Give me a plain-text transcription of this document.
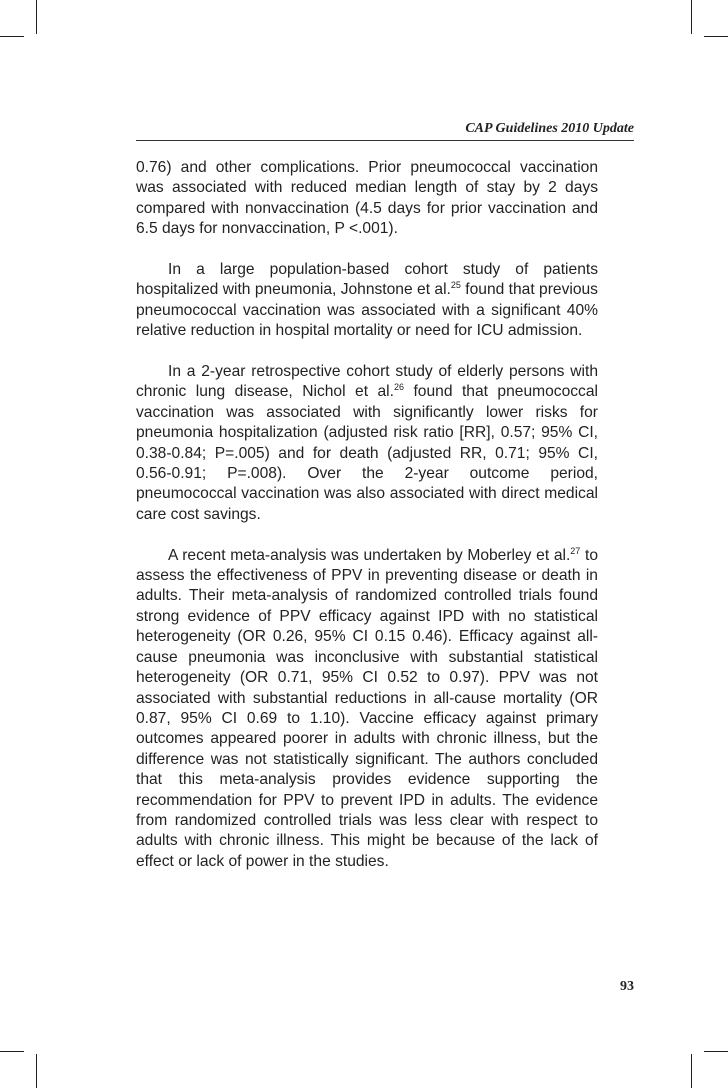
CAP Guidelines 2010 Update

0.76) and other complications. Prior pneumococcal vaccination was associated with reduced median length of stay by 2 days compared with nonvaccination (4.5 days for prior vaccination and 6.5 days for nonvaccination, P <.001).

In a large population-based cohort study of patients hospitalized with pneumonia, Johnstone et al.$^{25}$ found that previous pneumococcal vaccination was associated with a significant 40% relative reduction in hospital mortality or need for ICU admission.

In a 2-year retrospective cohort study of elderly persons with chronic lung disease, Nichol et al.$^{26}$ found that pneumococcal vaccination was associated with significantly lower risks for pneumonia hospitalization (adjusted risk ratio [RR], 0.57; 95% CI, 0.38-0.84; P=.005) and for death (adjusted RR, 0.71; 95% CI, 0.56-0.91; P=.008). Over the 2-year outcome period, pneumococcal vaccination was also associated with direct medical care cost savings.

A recent meta-analysis was undertaken by Moberley et al.$^{27}$ to assess the effectiveness of PPV in preventing disease or death in adults. Their meta-analysis of randomized controlled trials found strong evidence of PPV efficacy against IPD with no statistical heterogeneity (OR 0.26, 95% CI 0.15 0.46). Efficacy against all-cause pneumonia was inconclusive with substantial statistical heterogeneity (OR 0.71, 95% CI 0.52 to 0.97). PPV was not associated with substantial reductions in all-cause mortality (OR 0.87, 95% CI 0.69 to 1.10). Vaccine efficacy against primary outcomes appeared poorer in adults with chronic illness, but the difference was not statistically significant. The authors concluded that this meta-analysis provides evidence supporting the recommendation for PPV to prevent IPD in adults. The evidence from randomized controlled trials was less clear with respect to adults with chronic illness. This might be because of the lack of effect or lack of power in the studies.

93
